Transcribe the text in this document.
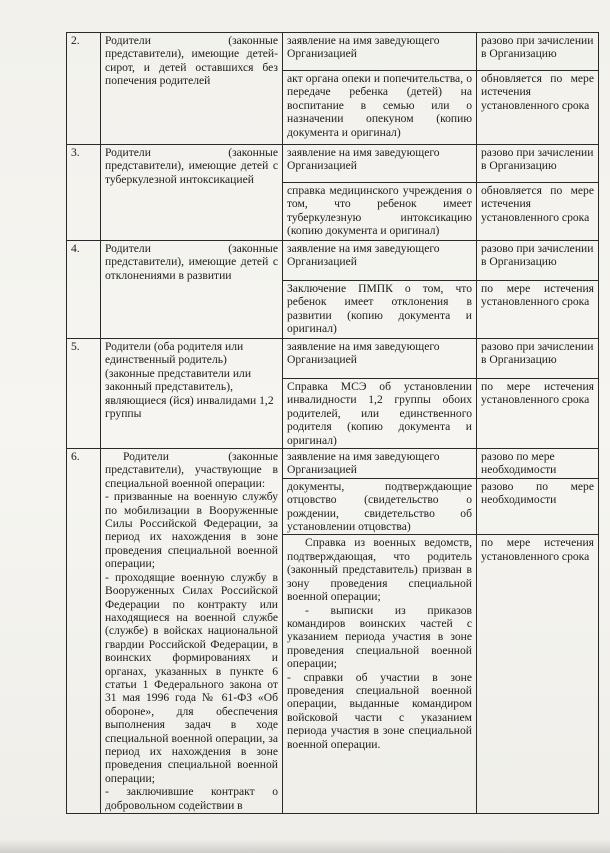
2.	Родители (законные представители), имеющие детей-сирот, и детей оставшихся без попечения родителей	заявление на имя заведующего Организацией	разово при зачислении в Организацию
		акт органа опеки и попечительства, о передаче ребенка (детей) на воспитание в семью или о назначении опекуном (копию документа и оригинал)	обновляется по мере истечения установленного срока
3.	Родители (законные представители), имеющие детей с туберкулезной интоксикацией	заявление на имя заведующего Организацией	разово при зачислении в Организацию
		справка медицинского учреждения о том, что ребенок имеет туберкулезную интоксикацию (копию документа и оригинал)	обновляется по мере истечения установленного срока
4.	Родители (законные представители), имеющие детей с отклонениями в развитии	заявление на имя заведующего Организацией	разово при зачислении в Организацию
		Заключение ПМПК о том, что ребенок имеет отклонения в развитии (копию документа и оригинал)	по мере истечения установленного срока
5.	Родители (оба родителя или единственный родитель) (законные представители или законный представитель), являющиеся (йся) инвалидами 1,2 группы	заявление на имя заведующего Организацией	разово при зачислении в Организацию
		Справка МСЭ об установлении инвалидности 1,2 группы обоих родителей, или единственного родителя (копию документа и оригинал)	по мере истечения установленного срока
6.	Родители (законные представители), участвующие в специальной военной операции:
- призванные на военную службу по мобилизации в Вооруженные Силы Российской Федерации, за период их нахождения в зоне проведения специальной военной операции;
- проходящие военную службу в Вооруженных Силах Российской Федерации по контракту или находящиеся на военной службе (службе) в войсках национальной гвардии Российской Федерации, в воинских формированиях и органах, указанных в пункте 6 статьи 1 Федерального закона от 31 мая 1996 года № 61-ФЗ «Об обороне», для обеспечения выполнения задач в ходе специальной военной операции, за период их нахождения в зоне проведения специальной военной операции;
- заключившие контракт о добровольном содействии в	заявление на имя заведующего Организацией	разово по мере необходимости
		документы, подтверждающие отцовство (свидетельство о рождении, свидетельство об установлении отцовства)	разово по мере необходимости

		Справка из военных ведомств, подтверждающая, что родитель (законный представитель) призван в зону проведения специальной военной операции;
- выписки из приказов командиров воинских частей с указанием периода участия в зоне проведения специальной военной операции;
- справки об участии в зоне проведения специальной военной операции, выданные командиром войсковой части с указанием периода участия в зоне специальной военной операции.	по мере истечения установленного срока
